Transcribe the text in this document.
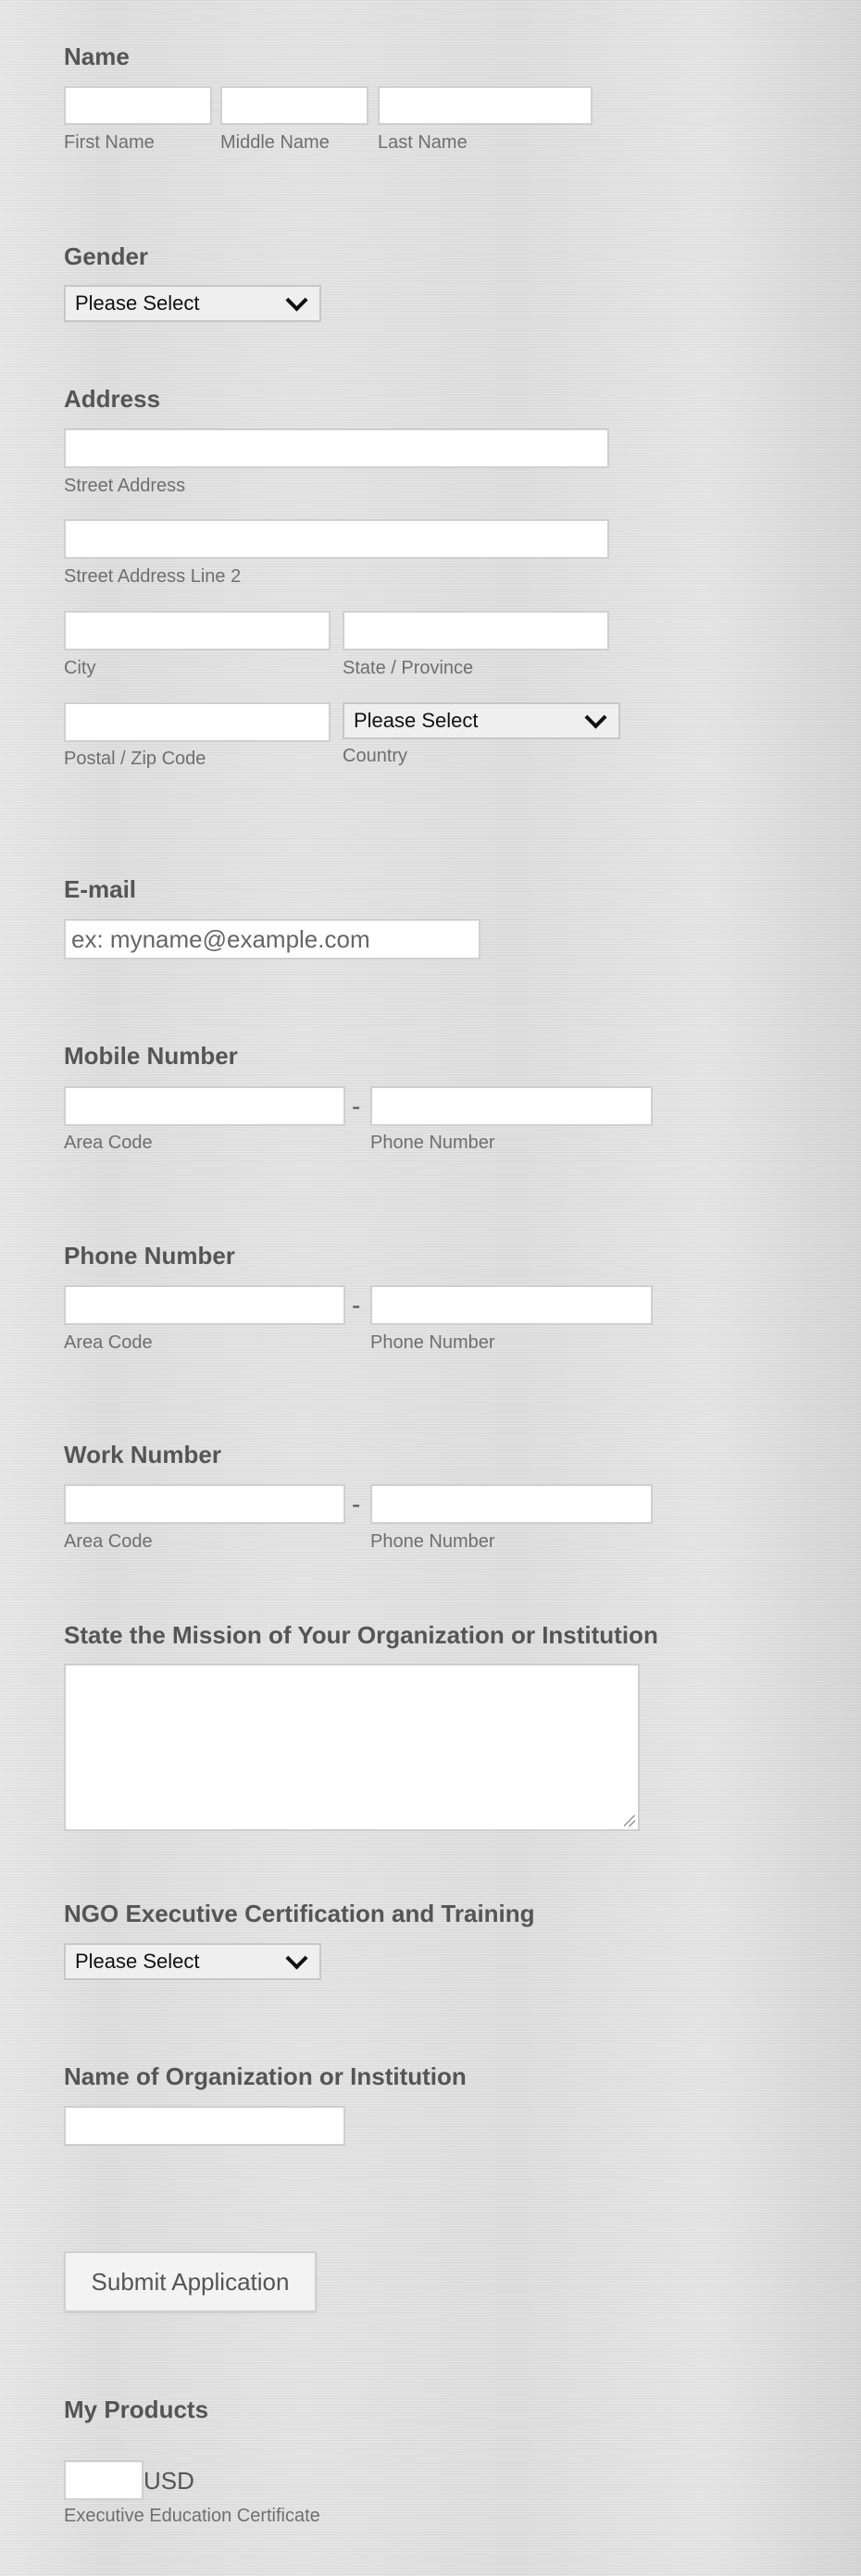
Name
First Name	Middle Name	Last Name
Gender
Please Select
Address
Street Address
Street Address Line 2
City	State / Province
Please Select
Postal / Zip Code	Country
E-mail
ex: myname@example.com
Mobile Number
-
Area Code	Phone Number
Phone Number
-
Area Code	Phone Number
Work Number
-
Area Code	Phone Number
State the Mission of Your Organization or Institution
NGO Executive Certification and Training
Please Select
Name of Organization or Institution
Submit Application
My Products
USD
Executive Education Certificate
